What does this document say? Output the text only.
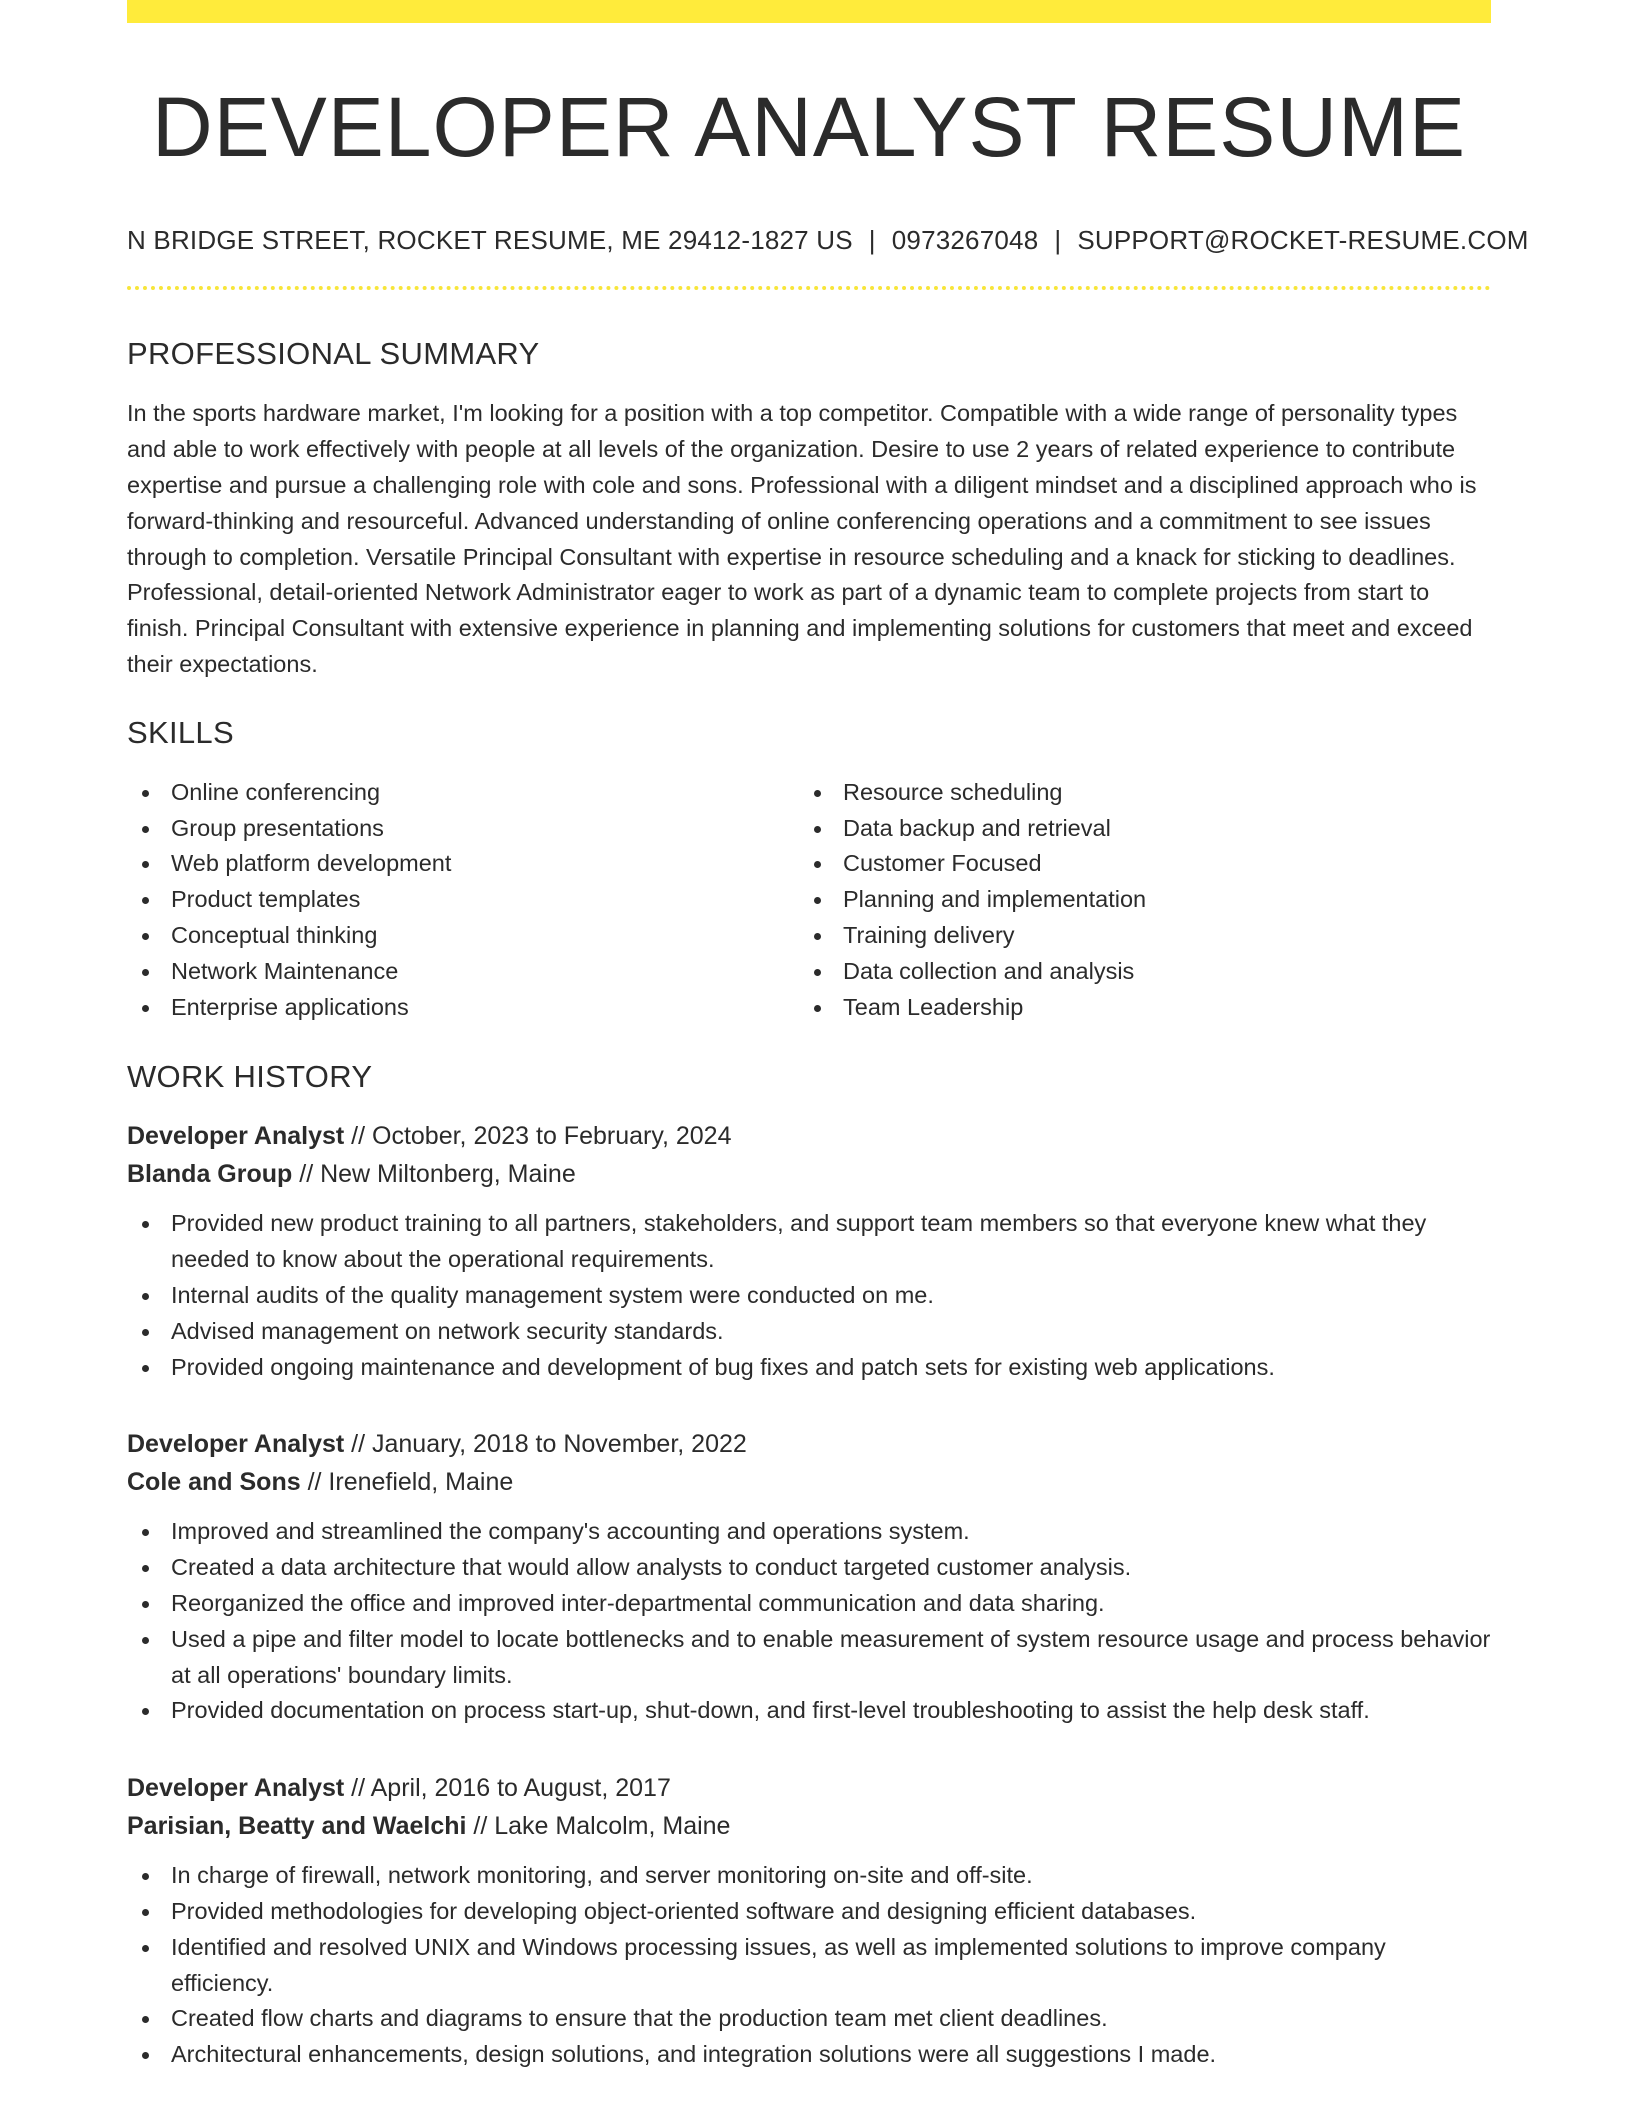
DEVELOPER ANALYST RESUME
N BRIDGE STREET, ROCKET RESUME, ME 29412-1827 US | 0973267048 | SUPPORT@ROCKET-RESUME.COM
PROFESSIONAL SUMMARY

In the sports hardware market, I'm looking for a position with a top competitor. Compatible with a wide range of personality types and able to work effectively with people at all levels of the organization. Desire to use 2 years of related experience to contribute expertise and pursue a challenging role with cole and sons. Professional with a diligent mindset and a disciplined approach who is forward-thinking and resourceful. Advanced understanding of online conferencing operations and a commitment to see issues through to completion. Versatile Principal Consultant with expertise in resource scheduling and a knack for sticking to deadlines. Professional, detail-oriented Network Administrator eager to work as part of a dynamic team to complete projects from start to finish. Principal Consultant with extensive experience in planning and implementing solutions for customers that meet and exceed their expectations.

SKILLS
Online conferencing
Group presentations
Web platform development
Product templates
Conceptual thinking
Network Maintenance
Enterprise applications
Resource scheduling
Data backup and retrieval
Customer Focused
Planning and implementation
Training delivery
Data collection and analysis
Team Leadership
WORK HISTORY
Developer Analyst // October, 2023 to February, 2024
Blanda Group // New Miltonberg, Maine
Provided new product training to all partners, stakeholders, and support team members so that everyone knew what they needed to know about the operational requirements.
Internal audits of the quality management system were conducted on me.
Advised management on network security standards.
Provided ongoing maintenance and development of bug fixes and patch sets for existing web applications.
Developer Analyst // January, 2018 to November, 2022
Cole and Sons // Irenefield, Maine
Improved and streamlined the company's accounting and operations system.
Created a data architecture that would allow analysts to conduct targeted customer analysis.
Reorganized the office and improved inter-departmental communication and data sharing.
Used a pipe and filter model to locate bottlenecks and to enable measurement of system resource usage and process behavior at all operations' boundary limits.
Provided documentation on process start-up, shut-down, and first-level troubleshooting to assist the help desk staff.
Developer Analyst // April, 2016 to August, 2017
Parisian, Beatty and Waelchi // Lake Malcolm, Maine
In charge of firewall, network monitoring, and server monitoring on-site and off-site.
Provided methodologies for developing object-oriented software and designing efficient databases.
Identified and resolved UNIX and Windows processing issues, as well as implemented solutions to improve company efficiency.
Created flow charts and diagrams to ensure that the production team met client deadlines.
Architectural enhancements, design solutions, and integration solutions were all suggestions I made.
